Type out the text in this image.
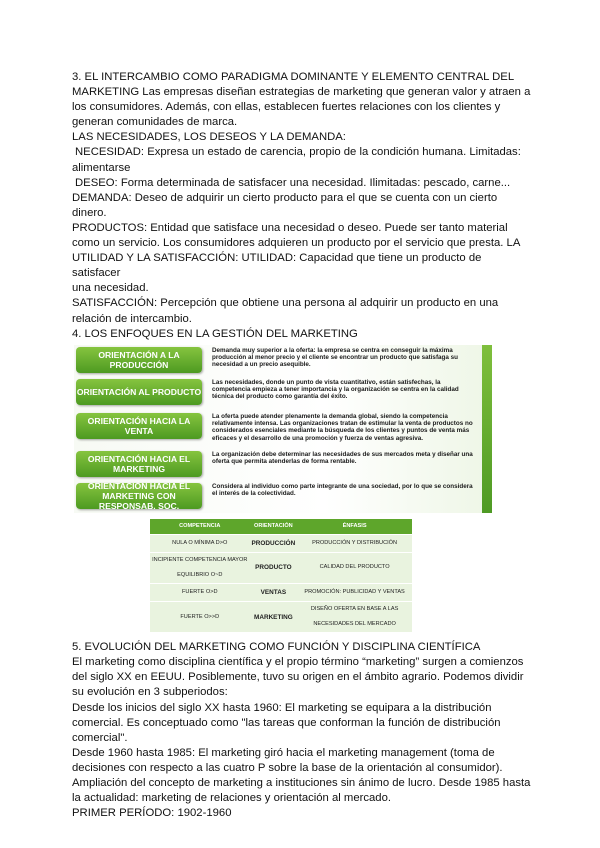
3. EL INTERCAMBIO COMO PARADIGMA DOMINANTE Y ELEMENTO CENTRAL DEL

MARKETING Las empresas diseñan estrategias de marketing que generan valor y atraen a

los consumidores. Además, con ellas, establecen fuertes relaciones con los clientes y

generan comunidades de marca.

LAS NECESIDADES, LOS DESEOS Y LA DEMANDA:

NECESIDAD: Expresa un estado de carencia, propio de la condición humana. Limitadas:

alimentarse

DESEO: Forma determinada de satisfacer una necesidad. Ilimitadas: pescado, carne...

DEMANDA: Deseo de adquirir un cierto producto para el que se cuenta con un cierto dinero.

PRODUCTOS: Entidad que satisface una necesidad o deseo. Puede ser tanto material

como un servicio. Los consumidores adquieren un producto por el servicio que presta. LA

UTILIDAD Y LA SATISFACCIÓN: UTILIDAD: Capacidad que tiene un producto de satisfacer

una necesidad.

SATISFACCIÓN: Percepción que obtiene una persona al adquirir un producto en una

relación de intercambio.

4. LOS ENFOQUES EN LA GESTIÓN DEL MARKETING

ORIENTACIÓN A LA PRODUCCIÓN
Demanda muy superior a la oferta: la empresa se centra en conseguir la máxima producción al menor precio y el cliente se encontrar un producto que satisfaga su necesidad a un precio asequible.
ORIENTACIÓN AL PRODUCTO
Las necesidades, donde un punto de vista cuantitativo, están satisfechas, la competencia empieza a tener importancia y la organización se centra en la calidad técnica del producto como garantía del éxito.
ORIENTACIÓN HACIA LA VENTA
La oferta puede atender plenamente la demanda global, siendo la competencia relativamente intensa. Las organizaciones tratan de estimular la venta de productos no considerados esenciales mediante la búsqueda de los clientes y puntos de venta más eficaces y el desarrollo de una promoción y fuerza de ventas agresiva.
ORIENTACIÓN HACIA EL MARKETING
La organización debe determinar las necesidades de sus mercados meta y diseñar una oferta que permita atenderlas de forma rentable.
ORIENTACIÓN HACIA EL MARKETING CON RESPONSAB. SOC.
Considera al individuo como parte integrante de una sociedad, por lo que se considera el interés de la colectividad.
COMPETENCIA	ORIENTACIÓN	ÉNFASIS
NULA O MÍNIMA D>O	PRODUCCIÓN	PRODUCCIÓN Y DISTRIBUCIÓN
INCIPIENTE COMPETENCIA MAYOR EQUILIBRIO O~D	PRODUCTO	CALIDAD DEL PRODUCTO
FUERTE O>D	VENTAS	PROMOCIÓN: PUBLICIDAD Y VENTAS
FUERTE O>>D	MARKETING	DISEÑO OFERTA EN BASE A LAS NECESIDADES DEL MERCADO

5. EVOLUCIÓN DEL MARKETING COMO FUNCIÓN Y DISCIPLINA CIENTÍFICA

El marketing como disciplina científica y el propio término “marketing” surgen a comienzos

del siglo XX en EEUU. Posiblemente, tuvo su origen en el ámbito agrario. Podemos dividir

su evolución en 3 subperiodos:

Desde los inicios del siglo XX hasta 1960: El marketing se equipara a la distribución

comercial. Es conceptuado como "las tareas que conforman la función de distribución

comercial".

Desde 1960 hasta 1985: El marketing giró hacia el marketing management (toma de

decisiones con respecto a las cuatro P sobre la base de la orientación al consumidor).

Ampliación del concepto de marketing a instituciones sin ánimo de lucro. Desde 1985 hasta

la actualidad: marketing de relaciones y orientación al mercado.

PRIMER PERÍODO: 1902-1960
